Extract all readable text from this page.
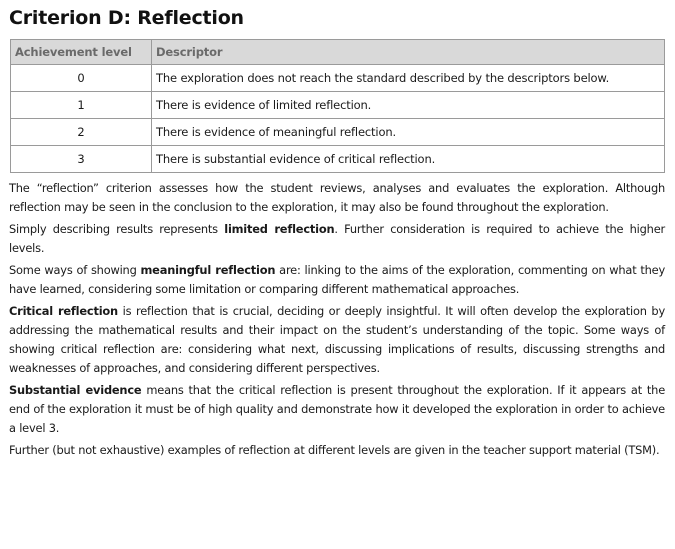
Criterion D: Reflection
Achievement level	Descriptor
0	The exploration does not reach the standard described by the descriptors below.
1	There is evidence of limited reflection.
2	There is evidence of meaningful reflection.
3	There is substantial evidence of critical reflection.

The “reflection” criterion assesses how the student reviews, analyses and evaluates the exploration. Although reflection may be seen in the conclusion to the exploration, it may also be found throughout the exploration.

Simply describing results represents limited reflection. Further consideration is required to achieve the higher levels.

Some ways of showing meaningful reflection are: linking to the aims of the exploration, commenting on what they have learned, considering some limitation or comparing different mathematical approaches.

Critical reflection is reflection that is crucial, deciding or deeply insightful. It will often develop the exploration by addressing the mathematical results and their impact on the student’s understanding of the topic. Some ways of showing critical reflection are: considering what next, discussing implications of results, discussing strengths and weaknesses of approaches, and considering different perspectives.

Substantial evidence means that the critical reflection is present throughout the exploration. If it appears at the end of the exploration it must be of high quality and demonstrate how it developed the exploration in order to achieve a level 3.

Further (but not exhaustive) examples of reflection at different levels are given in the teacher support material (TSM).
